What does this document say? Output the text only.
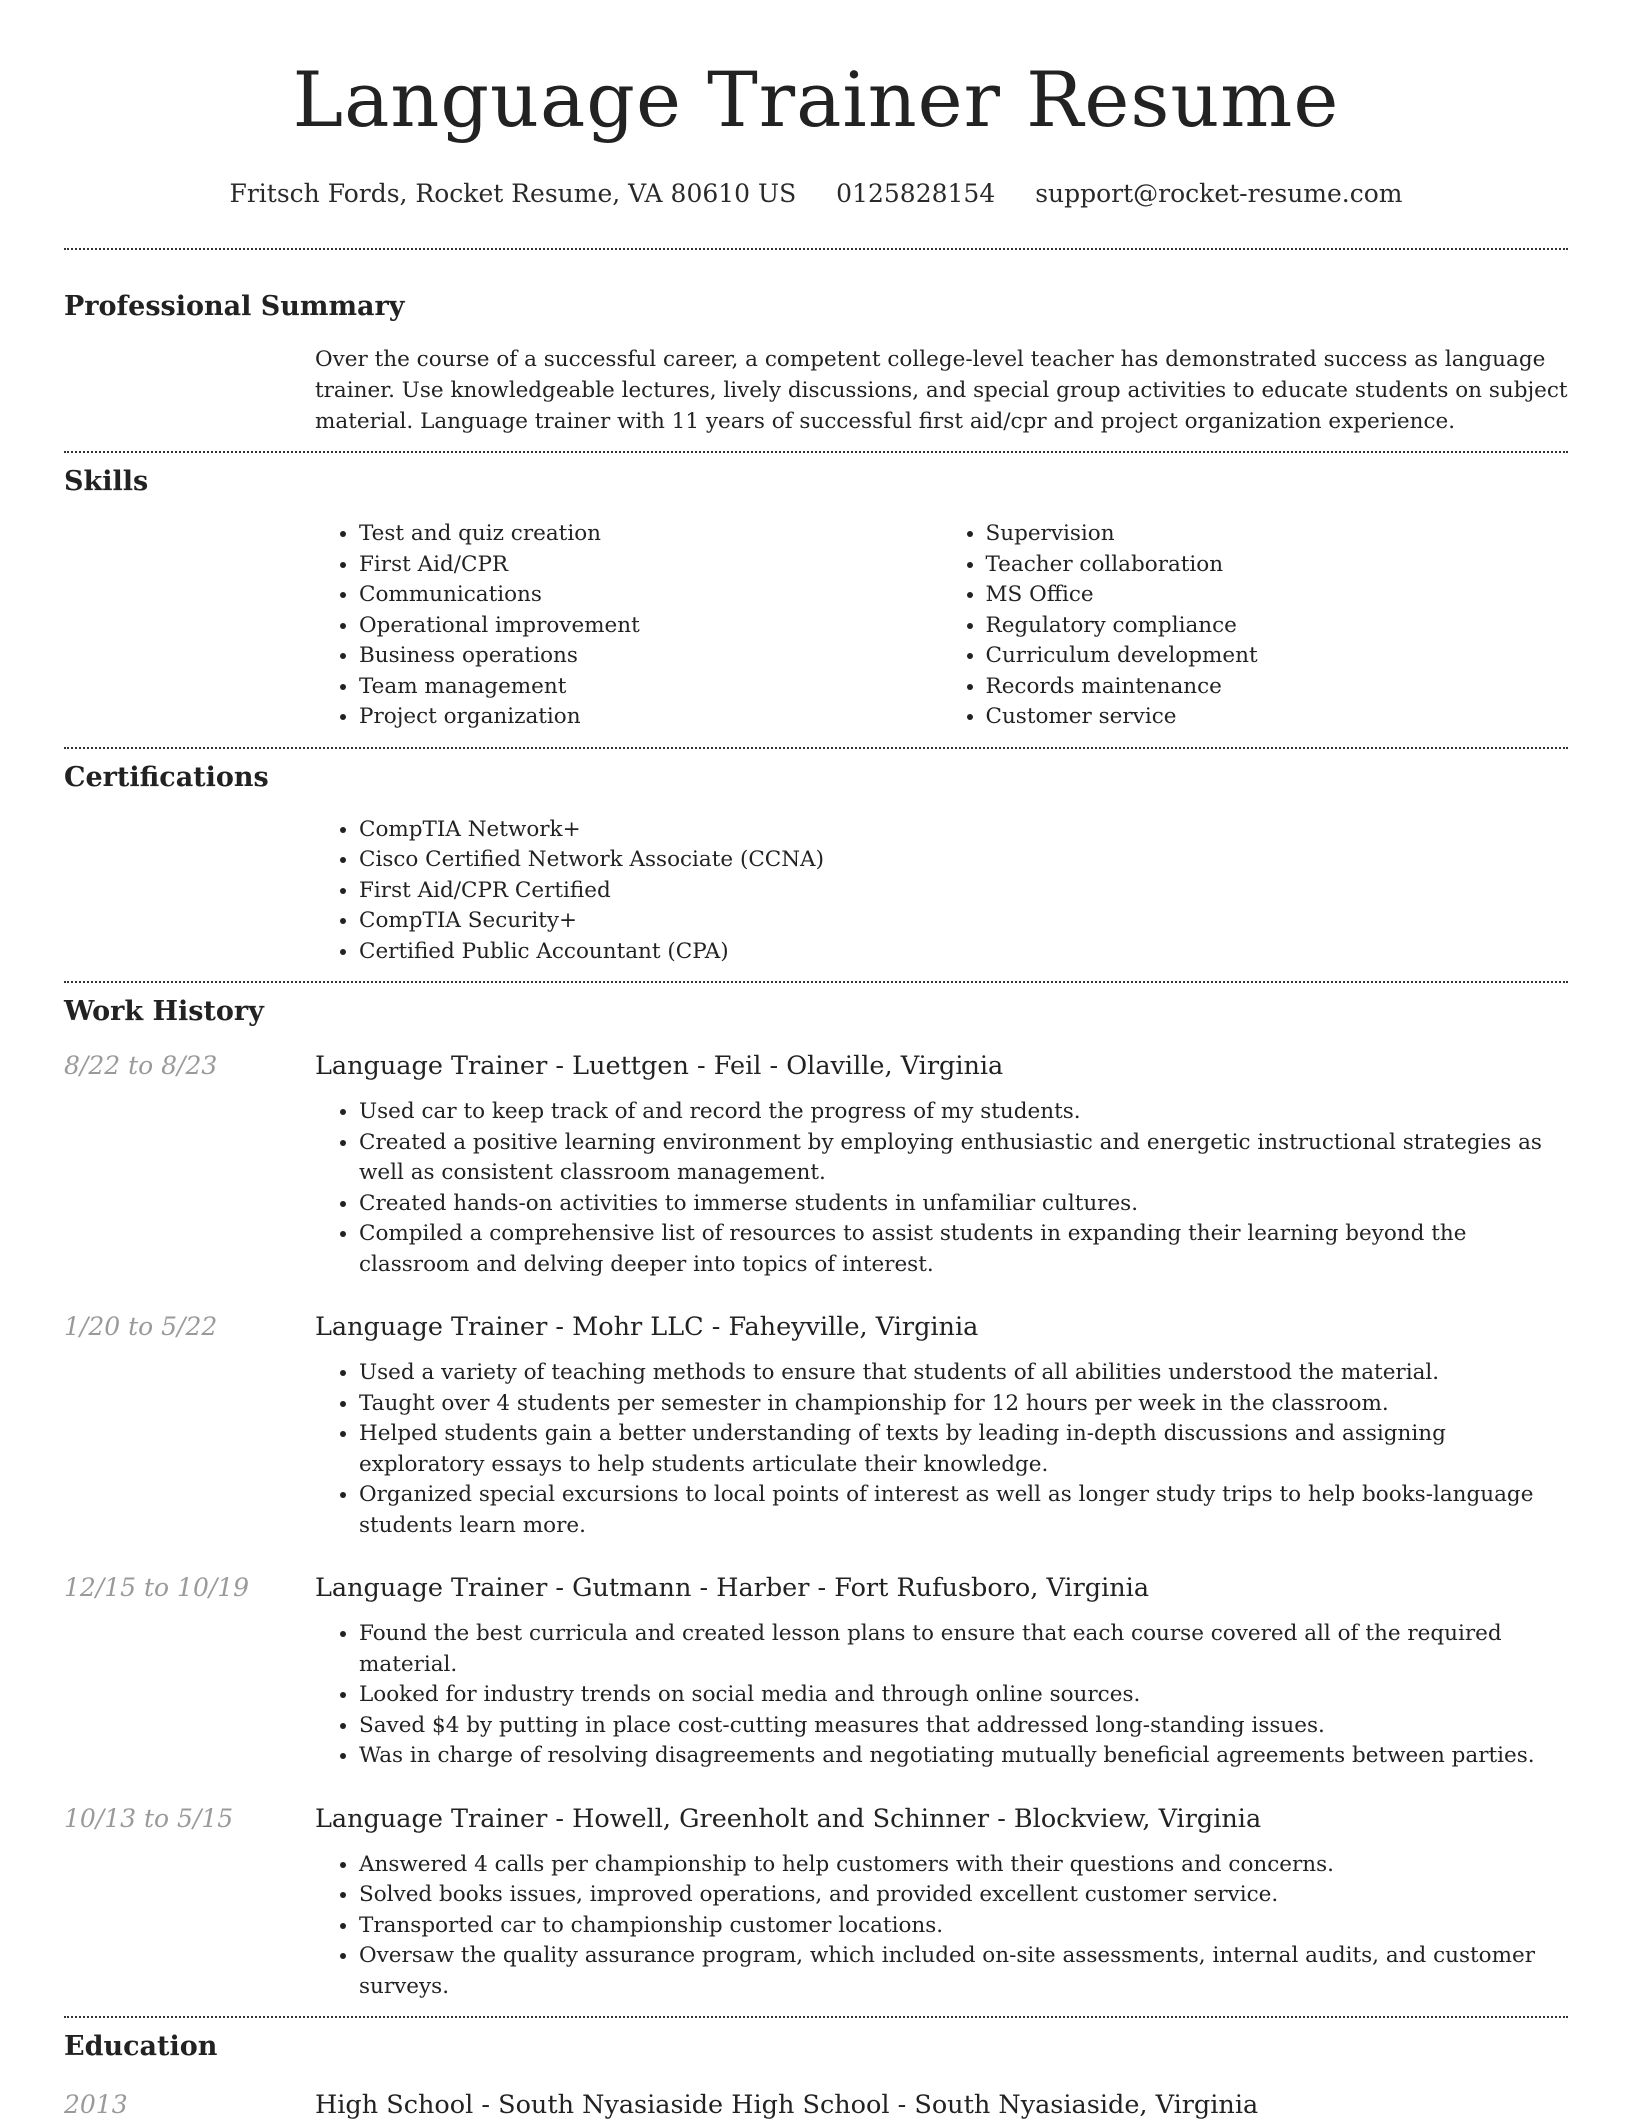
Language Trainer Resume
Fritsch Fords, Rocket Resume, VA 80610 US 0125828154 support@rocket-resume.com
Professional Summary
Over the course of a successful career, a competent college-level teacher has demonstrated success as language trainer. Use knowledgeable lectures, lively discussions, and special group activities to educate students on subject material. Language trainer with 11 years of successful first aid/cpr and project organization experience.
Skills
• Test and quiz creation
• First Aid/CPR
• Communications
• Operational improvement
• Business operations
• Team management
• Project organization
• Supervision
• Teacher collaboration
• MS Office
• Regulatory compliance
• Curriculum development
• Records maintenance
• Customer service
Certifications
• CompTIA Network+
• Cisco Certified Network Associate (CCNA)
• First Aid/CPR Certified
• CompTIA Security+
• Certified Public Accountant (CPA)
Work History
8/22 to 8/23	Language Trainer - Luettgen - Feil - Olaville, Virginia
• Used car to keep track of and record the progress of my students.
• Created a positive learning environment by employing enthusiastic and energetic instructional strategies as well as consistent classroom management.
• Created hands-on activities to immerse students in unfamiliar cultures.
• Compiled a comprehensive list of resources to assist students in expanding their learning beyond the classroom and delving deeper into topics of interest.
1/20 to 5/22	Language Trainer - Mohr LLC - Faheyville, Virginia
• Used a variety of teaching methods to ensure that students of all abilities understood the material.
• Taught over 4 students per semester in championship for 12 hours per week in the classroom.
• Helped students gain a better understanding of texts by leading in-depth discussions and assigning exploratory essays to help students articulate their knowledge.
• Organized special excursions to local points of interest as well as longer study trips to help books-language students learn more.
12/15 to 10/19	Language Trainer - Gutmann - Harber - Fort Rufusboro, Virginia
• Found the best curricula and created lesson plans to ensure that each course covered all of the required material.
• Looked for industry trends on social media and through online sources.
• Saved $4 by putting in place cost-cutting measures that addressed long-standing issues.
• Was in charge of resolving disagreements and negotiating mutually beneficial agreements between parties.
10/13 to 5/15	Language Trainer - Howell, Greenholt and Schinner - Blockview, Virginia
• Answered 4 calls per championship to help customers with their questions and concerns.
• Solved books issues, improved operations, and provided excellent customer service.
• Transported car to championship customer locations.
• Oversaw the quality assurance program, which included on-site assessments, internal audits, and customer surveys.
Education
2013	High School - South Nyasiaside High School - South Nyasiaside, Virginia
